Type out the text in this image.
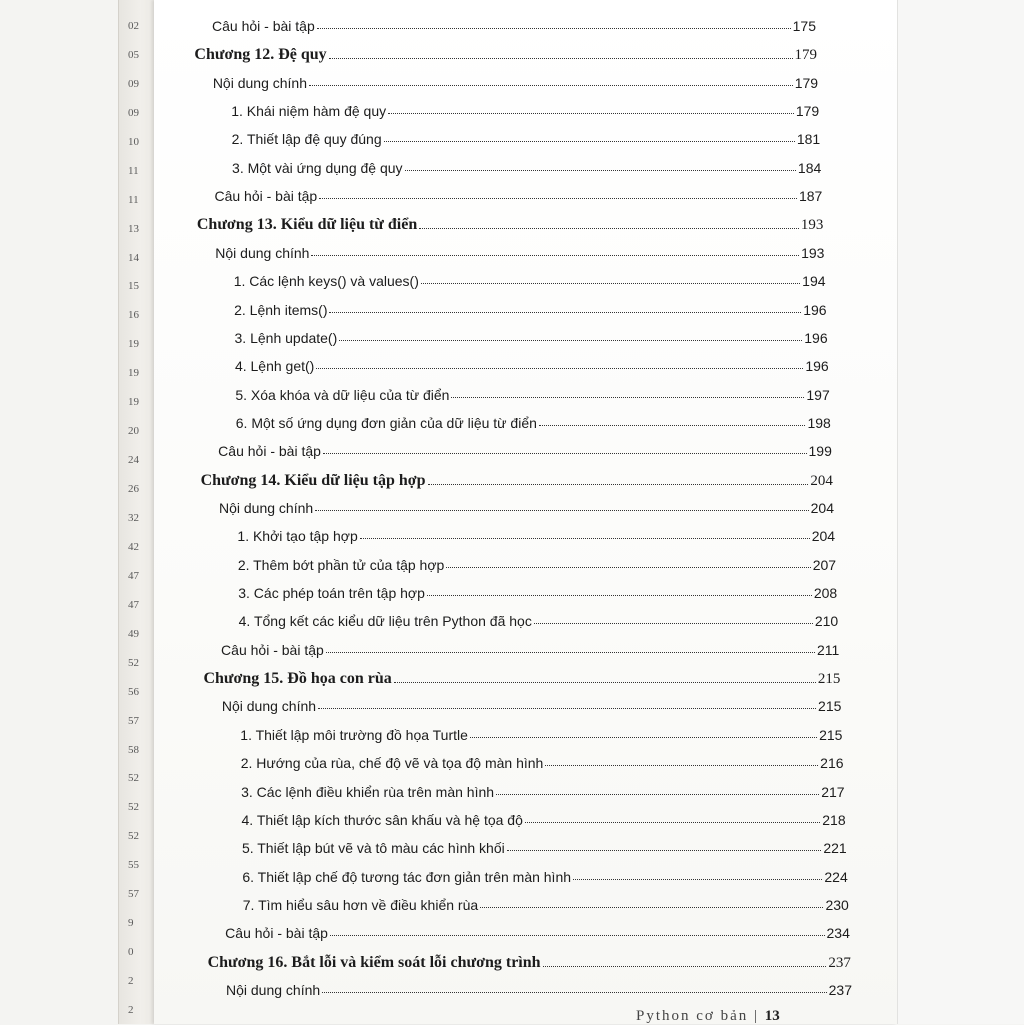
02
05
09
09
10
11
11
13
14
15
16
19
19
19
20
24
26
32
42
47
47
49
52
56
57
58
52
52
52
55
57
9
0
2
2
Câu hỏi - bài tập	175
Chương 12. Đệ quy	179
Nội dung chính	179
1. Khái niệm hàm đệ quy	179
2. Thiết lập đệ quy đúng	181
3. Một vài ứng dụng đệ quy	184
Câu hỏi - bài tập	187
Chương 13. Kiểu dữ liệu từ điển	193
Nội dung chính	193
1. Các lệnh keys() và values()	194
2. Lệnh items()	196
3. Lệnh update()	196
4. Lệnh get()	196
5. Xóa khóa và dữ liệu của từ điển	197
6. Một số ứng dụng đơn giản của dữ liệu từ điển	198
Câu hỏi - bài tập	199
Chương 14. Kiểu dữ liệu tập hợp	204
Nội dung chính	204
1. Khởi tạo tập hợp	204
2. Thêm bớt phần tử của tập hợp	207
3. Các phép toán trên tập hợp	208
4. Tổng kết các kiểu dữ liệu trên Python đã học	210
Câu hỏi - bài tập	211
Chương 15. Đồ họa con rùa	215
Nội dung chính	215
1. Thiết lập môi trường đồ họa Turtle	215
2. Hướng của rùa, chế độ vẽ và tọa độ màn hình	216
3. Các lệnh điều khiển rùa trên màn hình	217
4. Thiết lập kích thước sân khấu và hệ tọa độ	218
5. Thiết lập bút vẽ và tô màu các hình khối	221
6. Thiết lập chế độ tương tác đơn giản trên màn hình	224
7. Tìm hiểu sâu hơn về điều khiển rùa	230
Câu hỏi - bài tập	234
Chương 16. Bắt lỗi và kiểm soát lỗi chương trình	237
Nội dung chính	237
Python cơ bản | 13
